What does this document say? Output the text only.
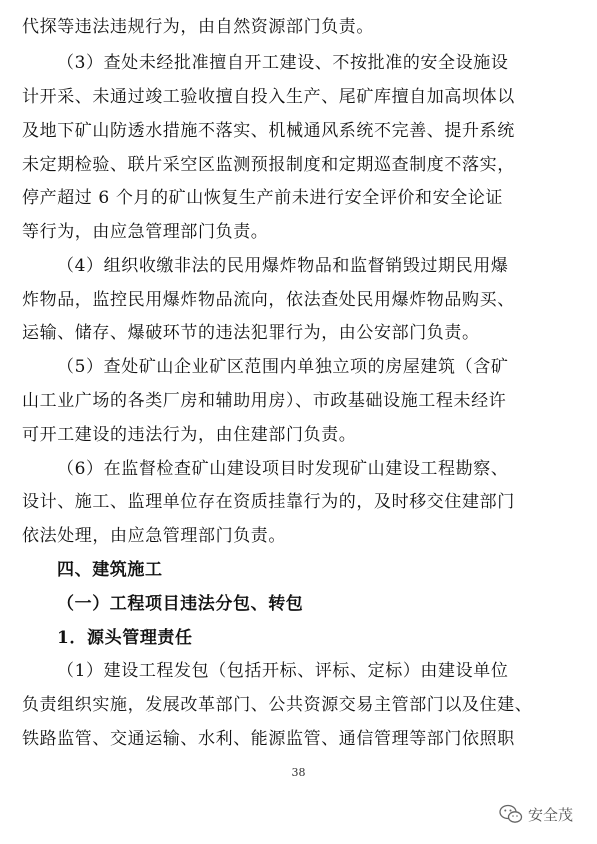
代探等违法违规行为，由自然资源部门负责。
（3）查处未经批准擅自开工建设、不按批准的安全设施设
计开采、未通过竣工验收擅自投入生产、尾矿库擅自加高坝体以
及地下矿山防透水措施不落实、机械通风系统不完善、提升系统
未定期检验、联片采空区监测预报制度和定期巡查制度不落实，
停产超过 6 个月的矿山恢复生产前未进行安全评价和安全论证
等行为，由应急管理部门负责。
（4）组织收缴非法的民用爆炸物品和监督销毁过期民用爆
炸物品，监控民用爆炸物品流向，依法查处民用爆炸物品购买、
运输、储存、爆破环节的违法犯罪行为，由公安部门负责。
（5）查处矿山企业矿区范围内单独立项的房屋建筑（含矿
山工业广场的各类厂房和辅助用房）、市政基础设施工程未经许
可开工建设的违法行为，由住建部门负责。
（6）在监督检查矿山建设项目时发现矿山建设工程勘察、
设计、施工、监理单位存在资质挂靠行为的，及时移交住建部门
依法处理，由应急管理部门负责。
四、建筑施工
（一）工程项目违法分包、转包
1．源头管理责任
（1）建设工程发包（包括开标、评标、定标）由建设单位
负责组织实施，发展改革部门、公共资源交易主管部门以及住建、
铁路监管、交通运输、水利、能源监管、通信管理等部门依照职
38
安全茂
